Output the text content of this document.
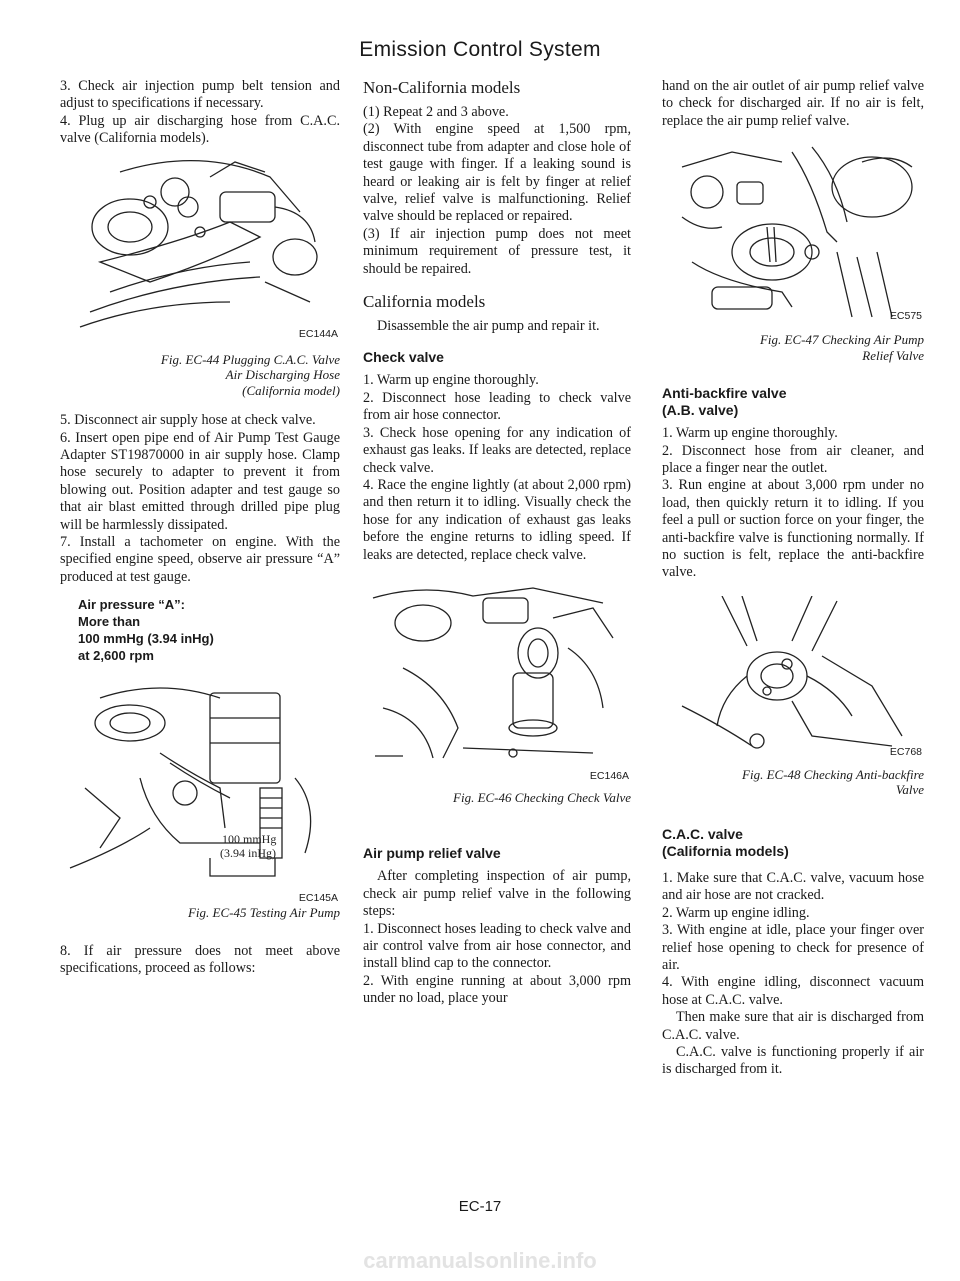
Emission Control System

3. Check air injection pump belt tension and adjust to specifications if necessary.

4. Plug up air discharging hose from C.A.C. valve (California models).

EC144A

Fig. EC-44 Plugging C.A.C. Valve
Air Discharging Hose
(California model)

5. Disconnect air supply hose at check valve.

6. Insert open pipe end of Air Pump Test Gauge Adapter ST19870000 in air supply hose. Clamp hose securely to adapter to prevent it from blowing out. Position adapter and test gauge so that air blast emitted through drilled pipe plug will be harmlessly dissipated.

7. Install a tachometer on engine. With the specified engine speed, observe air pressure “A” produced at test gauge.

Air pressure “A”:
More than
100 mmHg (3.94 inHg)
at 2,600 rpm
100 mmHg
(3.94 inHg)
EC145A

Fig. EC-45 Testing Air Pump

8. If air pressure does not meet above specifications, proceed as follows:

Non-California models

(1) Repeat 2 and 3 above.

(2) With engine speed at 1,500 rpm, disconnect tube from adapter and close hole of test gauge with finger. If a leaking sound is heard or leaking air is felt by finger at relief valve, relief valve is malfunctioning. Relief valve should be replaced or repaired.

(3) If air injection pump does not meet minimum requirement of pressure test, it should be repaired.

California models

Disassemble the air pump and repair it.

Check valve

1. Warm up engine thoroughly.

2. Disconnect hose leading to check valve from air hose connector.

3. Check hose opening for any indication of exhaust gas leaks. If leaks are detected, replace check valve.

4. Race the engine lightly (at about 2,000 rpm) and then return it to idling. Visually check the hose for any indication of exhaust gas leaks before the engine returns to idling speed. If leaks are detected, replace check valve.

EC146A

Fig. EC-46 Checking Check Valve

Air pump relief valve

After completing inspection of air pump, check air pump relief valve in the following steps:

1. Disconnect hoses leading to check valve and air control valve from air hose connector, and install blind cap to the connector.

2. With engine running at about 3,000 rpm under no load, place your

hand on the air outlet of air pump relief valve to check for discharged air. If no air is felt, replace the air pump relief valve.

EC575

Fig. EC-47 Checking Air Pump
Relief Valve

Anti-backfire valve
(A.B. valve)

1. Warm up engine thoroughly.

2. Disconnect hose from air cleaner, and place a finger near the outlet.

3. Run engine at about 3,000 rpm under no load, then quickly return it to idling. If you feel a pull or suction force on your finger, the anti-backfire valve is functioning normally. If no suction is felt, replace the anti-backfire valve.

EC768

Fig. EC-48 Checking Anti-backfire
Valve

C.A.C. valve
(California models)

1. Make sure that C.A.C. valve, vacuum hose and air hose are not cracked.

2. Warm up engine idling.

3. With engine at idle, place your finger over relief hose opening to check for presence of air.

4. With engine idling, disconnect vacuum hose at C.A.C. valve.

Then make sure that air is discharged from C.A.C. valve.

C.A.C. valve is functioning properly if air is discharged from it.

EC-17
carmanualsonline.info
